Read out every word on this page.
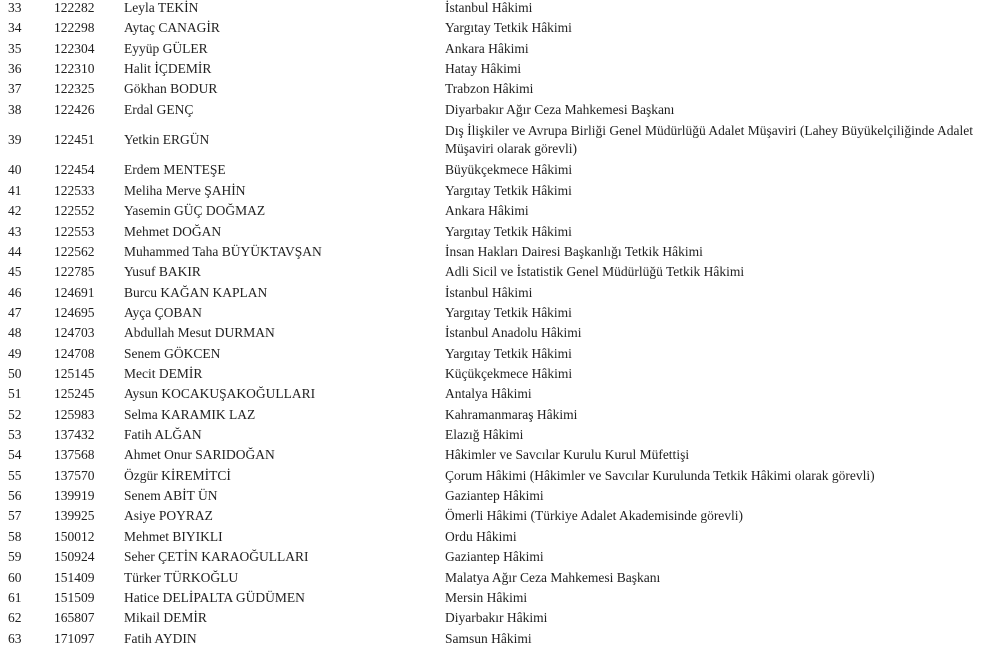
33 122282 Leyla TEKİN	İstanbul Hâkimi
34 122298 Aytaç CANAGİR	Yargıtay Tetkik Hâkimi
35 122304 Eyyüp GÜLER	Ankara Hâkimi
36 122310 Halit İÇDEMİR	Hatay Hâkimi
37 122325 Gökhan BODUR	Trabzon Hâkimi
38 122426 Erdal GENÇ	Diyarbakır Ağır Ceza Mahkemesi Başkanı
39 122451 Yetkin ERGÜN
Dış İlişkiler ve Avrupa Birliği Genel Müdürlüğü Adalet Müşaviri (Lahey Büyükelçiliğinde Adalet Müşaviri olarak görevli)
40 122454 Erdem MENTEŞE	Büyükçekmece Hâkimi
41 122533 Meliha Merve ŞAHİN	Yargıtay Tetkik Hâkimi
42 122552 Yasemin GÜÇ DOĞMAZ	Ankara Hâkimi
43 122553 Mehmet DOĞAN	Yargıtay Tetkik Hâkimi
44 122562 Muhammed Taha BÜYÜKTAVŞAN	İnsan Hakları Dairesi Başkanlığı Tetkik Hâkimi
45 122785 Yusuf BAKIR	Adli Sicil ve İstatistik Genel Müdürlüğü Tetkik Hâkimi
46 124691 Burcu KAĞAN KAPLAN	İstanbul Hâkimi
47 124695 Ayça ÇOBAN	Yargıtay Tetkik Hâkimi
48 124703 Abdullah Mesut DURMAN	İstanbul Anadolu Hâkimi
49 124708 Senem GÖKCEN	Yargıtay Tetkik Hâkimi
50 125145 Mecit DEMİR	Küçükçekmece Hâkimi
51 125245 Aysun KOCAKUŞAKOĞULLARI	Antalya Hâkimi
52 125983 Selma KARAMIK LAZ	Kahramanmaraş Hâkimi
53 137432 Fatih ALĞAN	Elazığ Hâkimi
54 137568 Ahmet Onur SARIDOĞAN	Hâkimler ve Savcılar Kurulu Kurul Müfettişi
55 137570 Özgür KİREMİTCİ	Çorum Hâkimi (Hâkimler ve Savcılar Kurulunda Tetkik Hâkimi olarak görevli)
56 139919 Senem ABİT ÜN	Gaziantep Hâkimi
57 139925 Asiye POYRAZ	Ömerli Hâkimi (Türkiye Adalet Akademisinde görevli)
58 150012 Mehmet BIYIKLI	Ordu Hâkimi
59 150924 Seher ÇETİN KARAOĞULLARI	Gaziantep Hâkimi
60 151409 Türker TÜRKOĞLU	Malatya Ağır Ceza Mahkemesi Başkanı
61 151509 Hatice DELİPALTA GÜDÜMEN	Mersin Hâkimi
62 165807 Mikail DEMİR	Diyarbakır Hâkimi
63 171097 Fatih AYDIN	Samsun Hâkimi
